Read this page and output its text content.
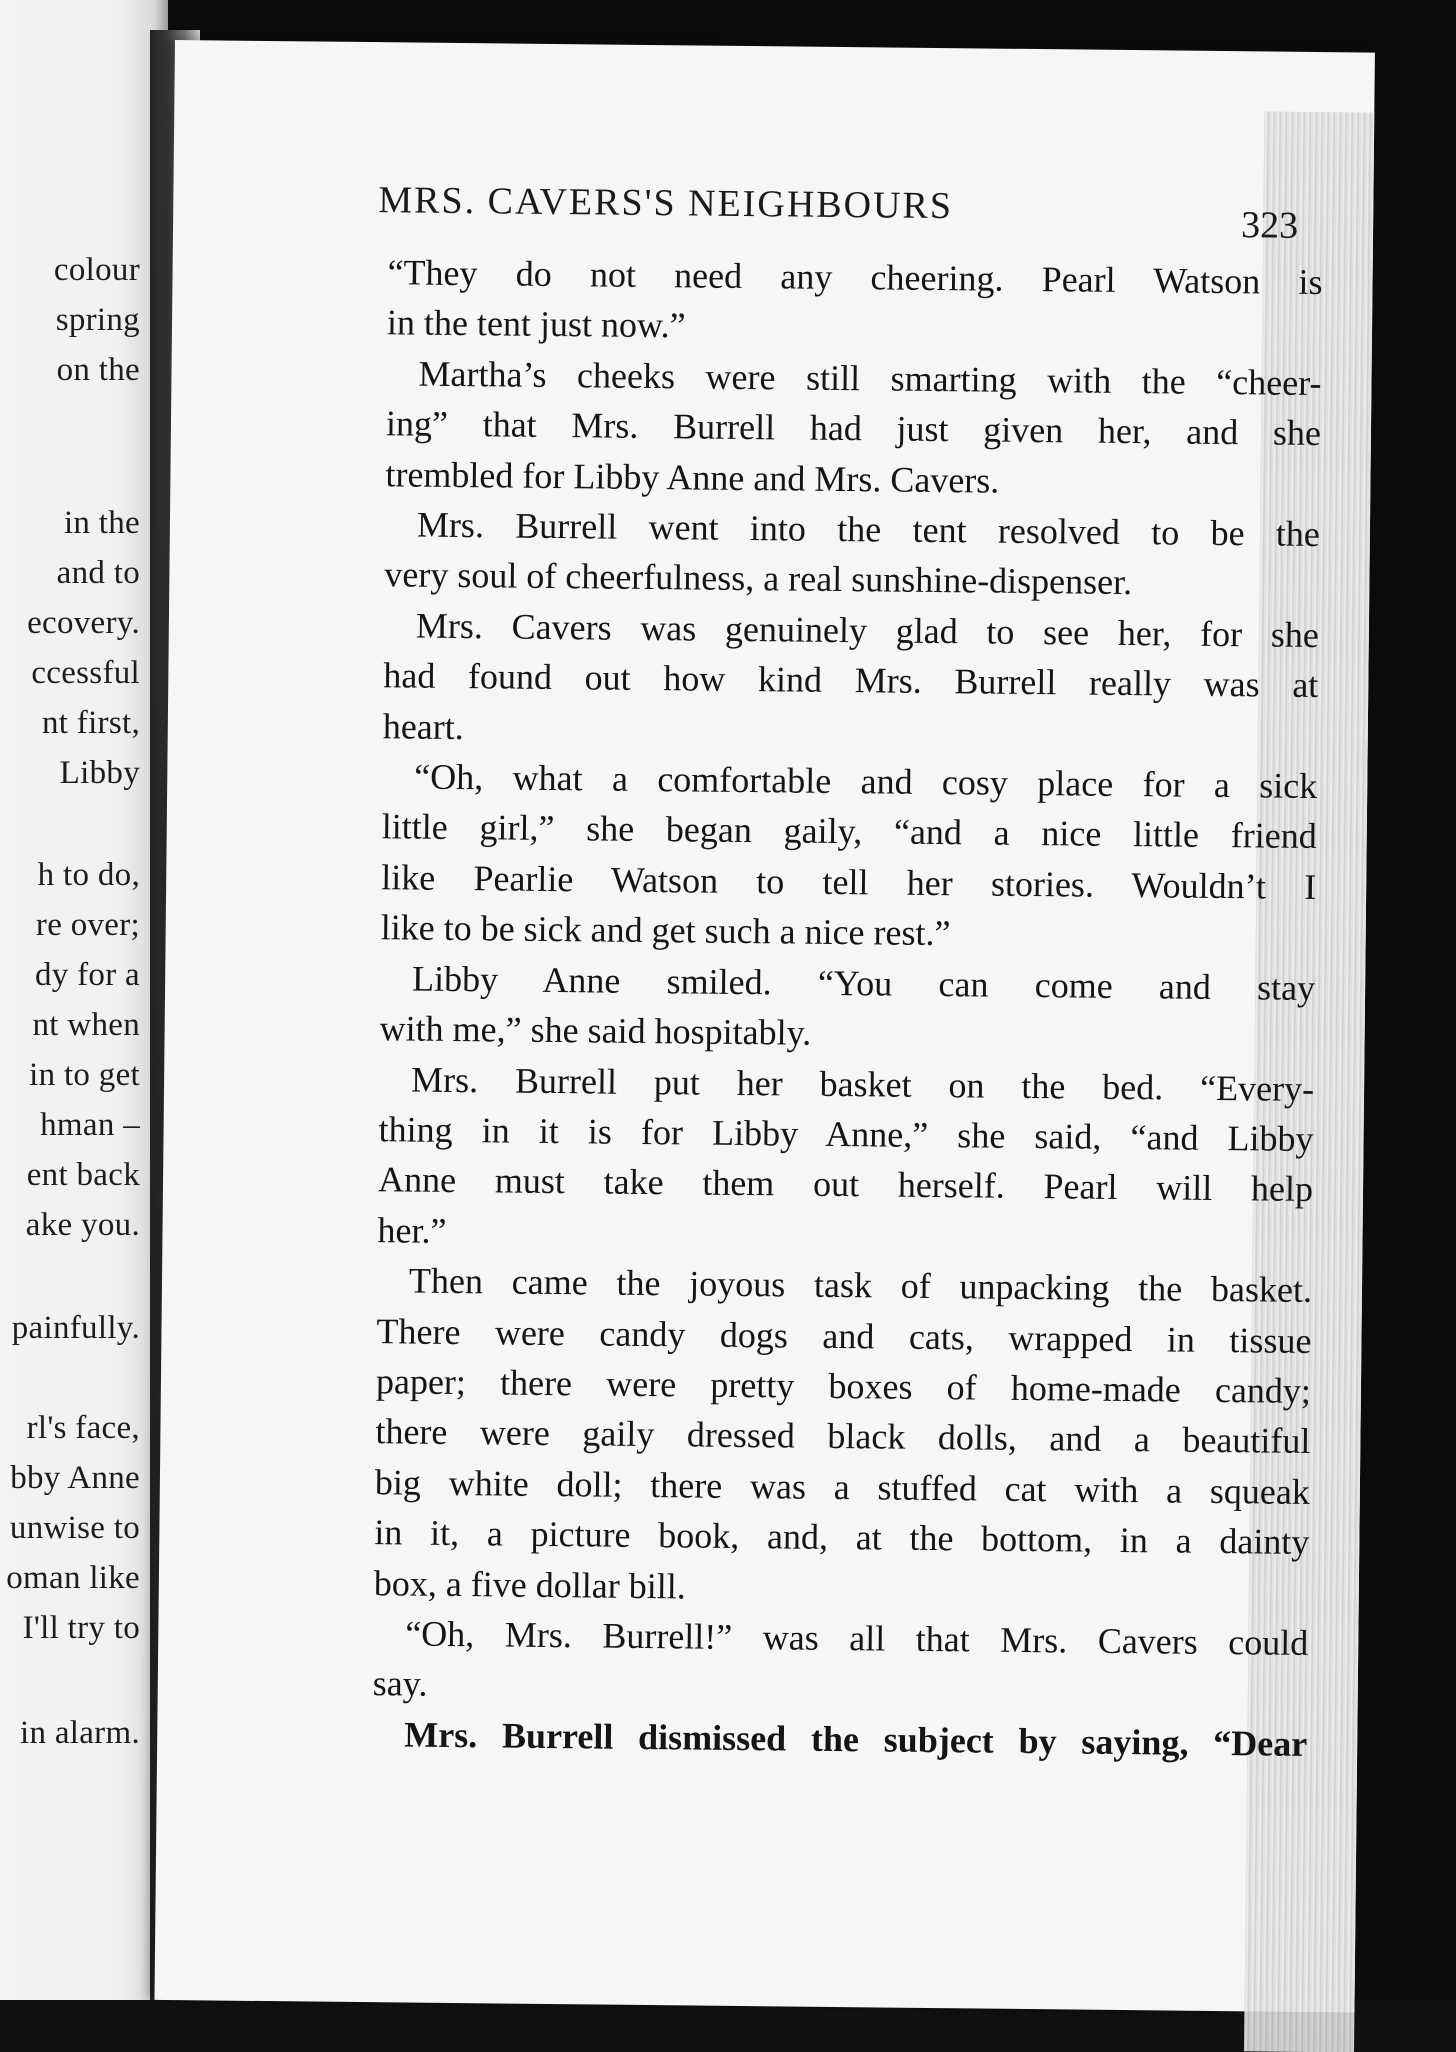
colour
spring
on the
in the
and to
ecovery.
ccessful
nt first,
Libby
h to do,
re over;
dy for a
nt when
in to get
hman –
ent back
ake you.
painfully.
rl's face,
bby Anne
unwise to
oman like
I'll try to
in alarm.
MRS. CAVERS'S NEIGHBOURS	323
“They do not need any cheering. Pearl Watson is
in the tent just now.”
Martha’s cheeks were still smarting with the “cheer-
ing” that Mrs. Burrell had just given her, and she
trembled for Libby Anne and Mrs. Cavers.
Mrs. Burrell went into the tent resolved to be the
very soul of cheerfulness, a real sunshine-dispenser.
Mrs. Cavers was genuinely glad to see her, for she
had found out how kind Mrs. Burrell really was at
heart.
“Oh, what a comfortable and cosy place for a sick
little girl,” she began gaily, “and a nice little friend
like Pearlie Watson to tell her stories. Wouldn’t I
like to be sick and get such a nice rest.”
Libby Anne smiled. “You can come and stay
with me,” she said hospitably.
Mrs. Burrell put her basket on the bed. “Every-
thing in it is for Libby Anne,” she said, “and Libby
Anne must take them out herself. Pearl will help
her.”
Then came the joyous task of unpacking the basket.
There were candy dogs and cats, wrapped in tissue
paper; there were pretty boxes of home-made candy;
there were gaily dressed black dolls, and a beautiful
big white doll; there was a stuffed cat with a squeak
in it, a picture book, and, at the bottom, in a dainty
box, a five dollar bill.
“Oh, Mrs. Burrell!” was all that Mrs. Cavers could
say.
Mrs. Burrell dismissed the subject by saying, “Dear
